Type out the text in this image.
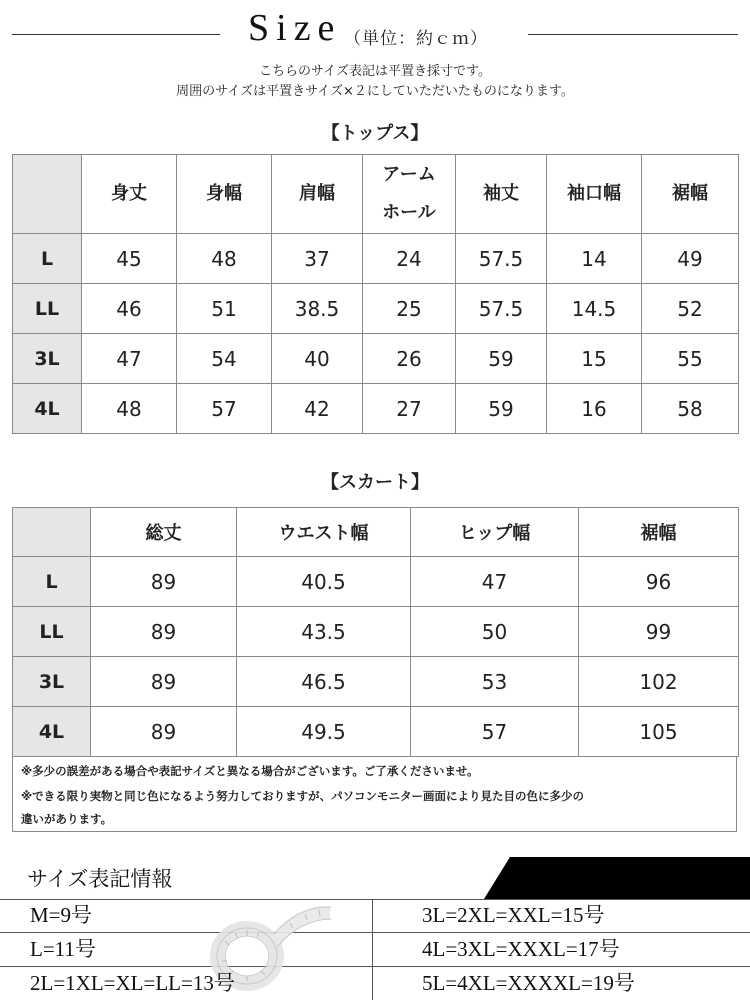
Size （単位：約ｃｍ）
こちらのサイズ表記は平置き採寸です。
周囲のサイズは平置きサイズ×２にしていただいたものになります。
【トップス】
	身丈	身幅	肩幅	アーム
ホール	袖丈	袖口幅	裾幅
L	45	48	37	24	57.5	14	49
LL	46	51	38.5	25	57.5	14.5	52
3L	47	54	40	26	59	15	55
4L	48	57	42	27	59	16	58
【スカート】
	総丈	ウエスト幅	ヒップ幅	裾幅
L	89	40.5	47	96
LL	89	43.5	50	99
3L	89	46.5	53	102
4L	89	49.5	57	105
※多少の誤差がある場合や表記サイズと異なる場合がございます。ご了承くださいませ。
※できる限り実物と同じ色になるよう努力しておりますが、パソコンモニター画面により見た目の色に多少の
違いがあります。
サイズ表記情報
M=9号
L=11号
2L=1XL=XL=LL=13号
3L=2XL=XXL=15号
4L=3XL=XXXL=17号
5L=4XL=XXXXL=19号
